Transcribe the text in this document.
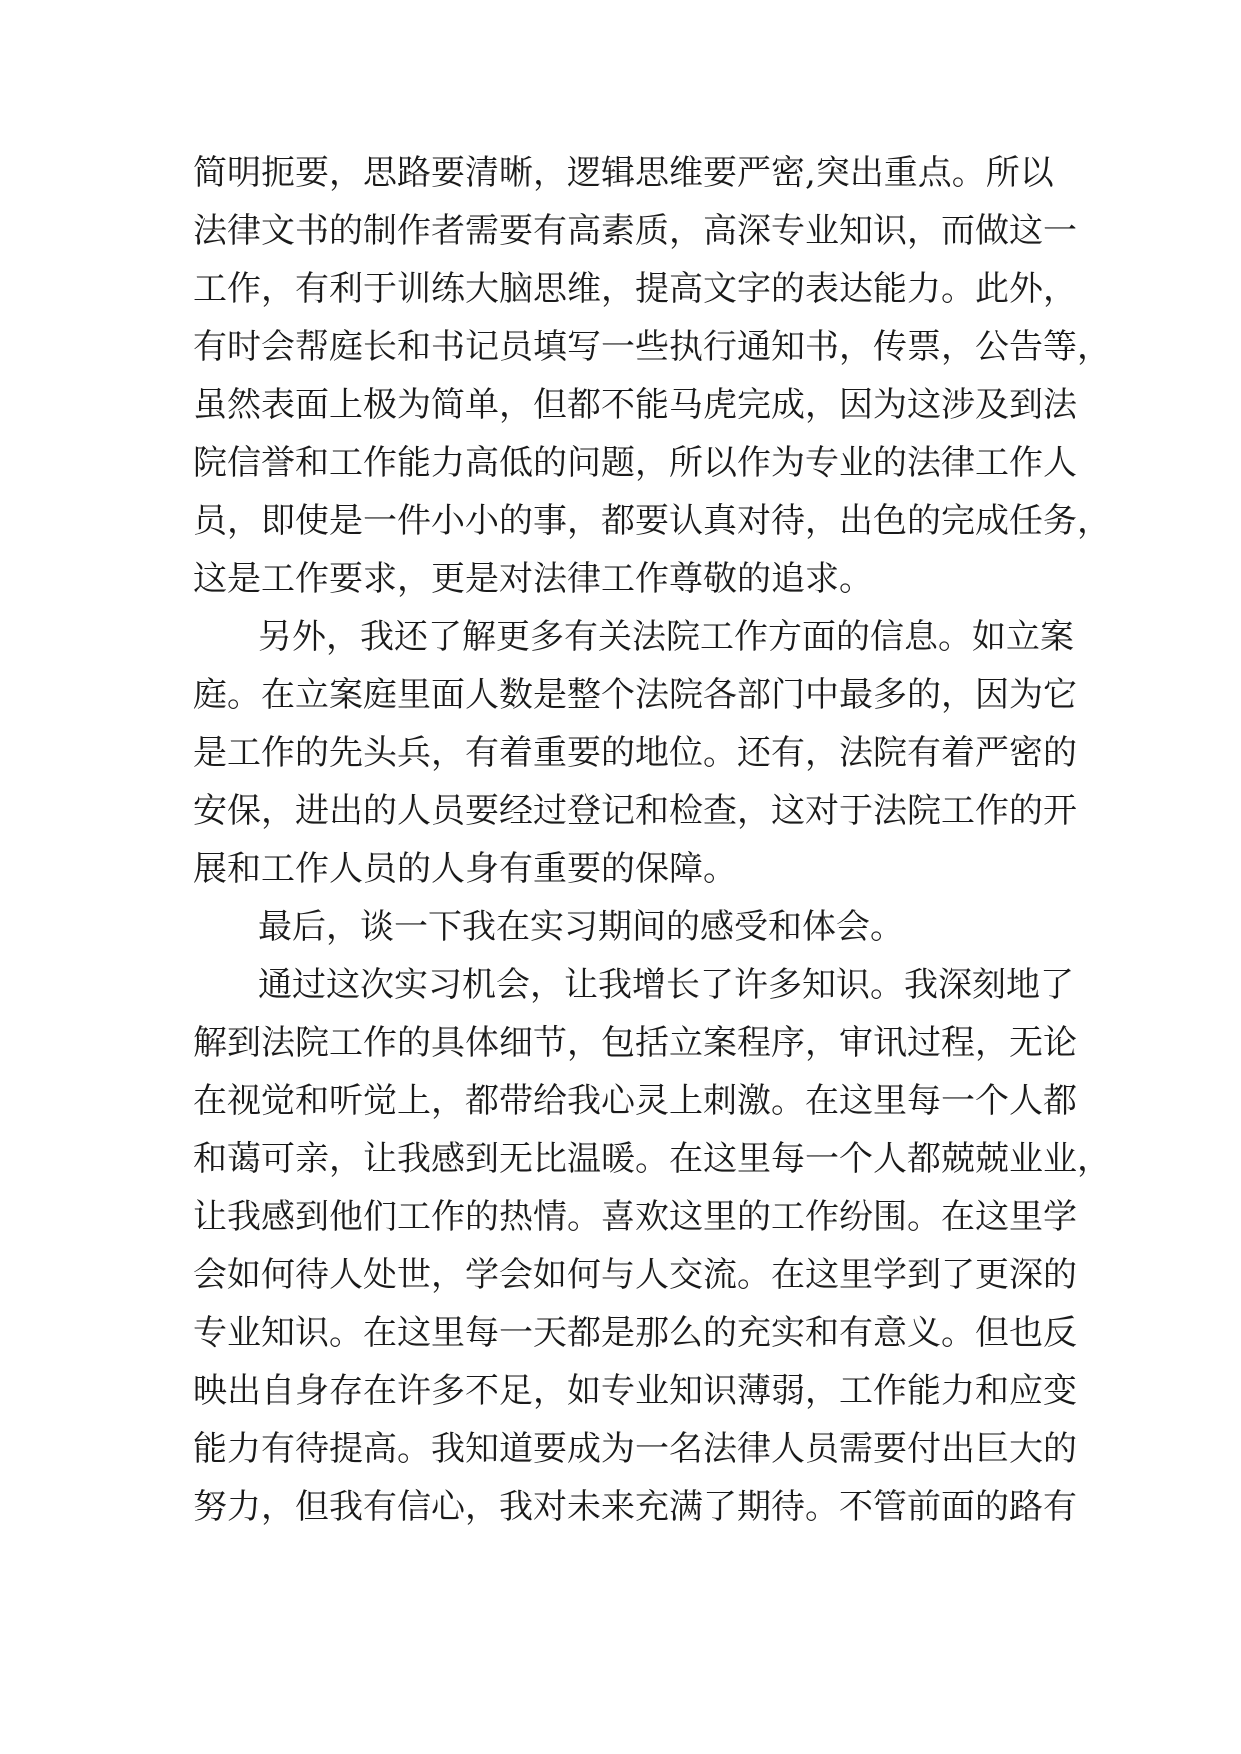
简明扼要，思路要清晰，逻辑思维要严密,突出重点。所以
法律文书的制作者需要有高素质，高深专业知识，而做这一
工作，有利于训练大脑思维，提高文字的表达能力。此外，
有时会帮庭长和书记员填写一些执行通知书，传票，公告等，
虽然表面上极为简单，但都不能马虎完成，因为这涉及到法
院信誉和工作能力高低的问题，所以作为专业的法律工作人
员，即使是一件小小的事，都要认真对待，出色的完成任务，
这是工作要求，更是对法律工作尊敬的追求。
另外，我还了解更多有关法院工作方面的信息。如立案
庭。在立案庭里面人数是整个法院各部门中最多的，因为它
是工作的先头兵，有着重要的地位。还有，法院有着严密的
安保，进出的人员要经过登记和检查，这对于法院工作的开
展和工作人员的人身有重要的保障。
最后，谈一下我在实习期间的感受和体会。
通过这次实习机会，让我增长了许多知识。我深刻地了
解到法院工作的具体细节，包括立案程序，审讯过程，无论
在视觉和听觉上，都带给我心灵上刺激。在这里每一个人都
和蔼可亲，让我感到无比温暖。在这里每一个人都兢兢业业，
让我感到他们工作的热情。喜欢这里的工作纷围。在这里学
会如何待人处世，学会如何与人交流。在这里学到了更深的
专业知识。在这里每一天都是那么的充实和有意义。但也反
映出自身存在许多不足，如专业知识薄弱，工作能力和应变
能力有待提高。我知道要成为一名法律人员需要付出巨大的
努力，但我有信心，我对未来充满了期待。不管前面的路有
